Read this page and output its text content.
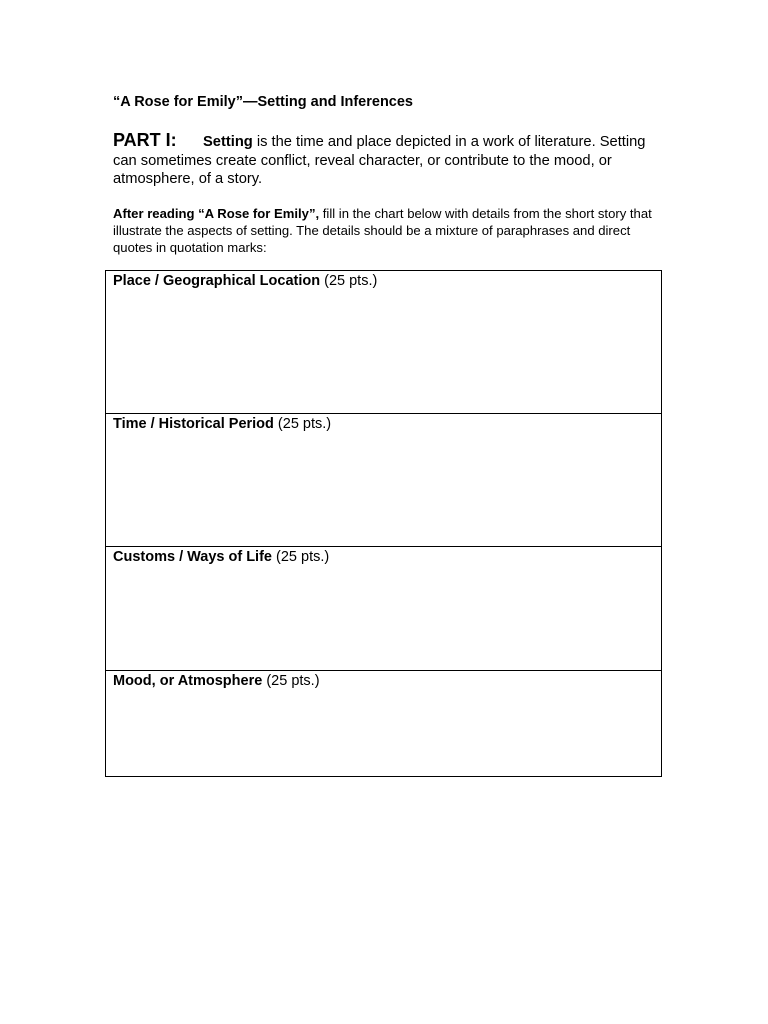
“A Rose for Emily”—Setting and Inferences
PART I: Setting is the time and place depicted in a work of literature. Setting can sometimes create conflict, reveal character, or contribute to the mood, or atmosphere, of a story.
After reading “A Rose for Emily”, fill in the chart below with details from the short story that illustrate the aspects of setting. The details should be a mixture of paraphrases and direct quotes in quotation marks:
Place / Geographical Location (25 pts.)
Time / Historical Period (25 pts.)
Customs / Ways of Life (25 pts.)
Mood, or Atmosphere (25 pts.)
